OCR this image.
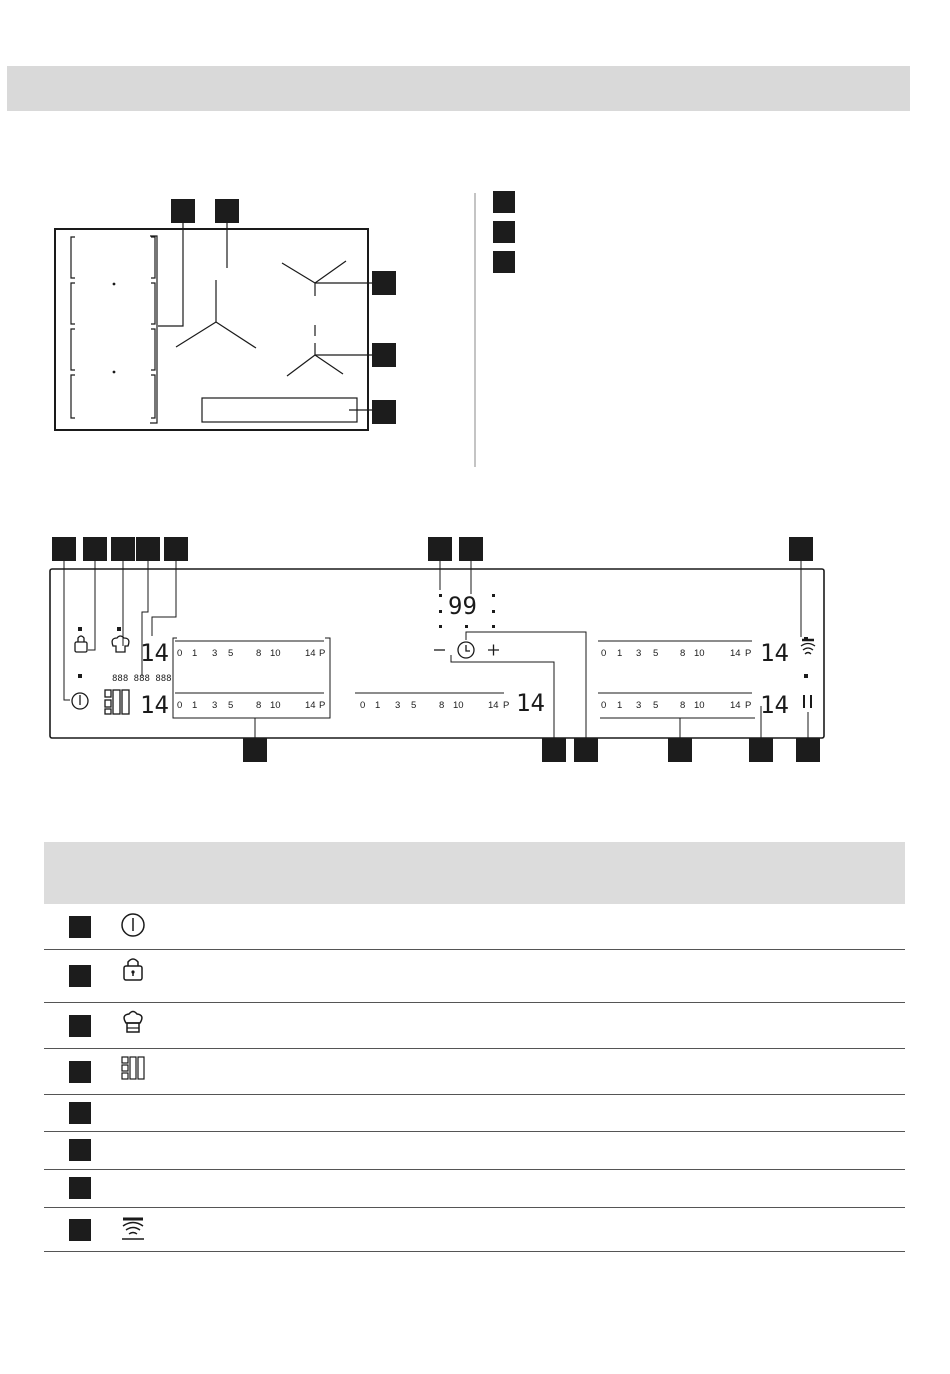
888 888 888
0 1 3 5 8 10	14 P
0 1 3 5 8 10	14 P	0 1 3 5 8 10	14 P
0 1 3 5 8 10	14 P
0 1 3 5 8 10	14 P
14
14	14
14
14
99
